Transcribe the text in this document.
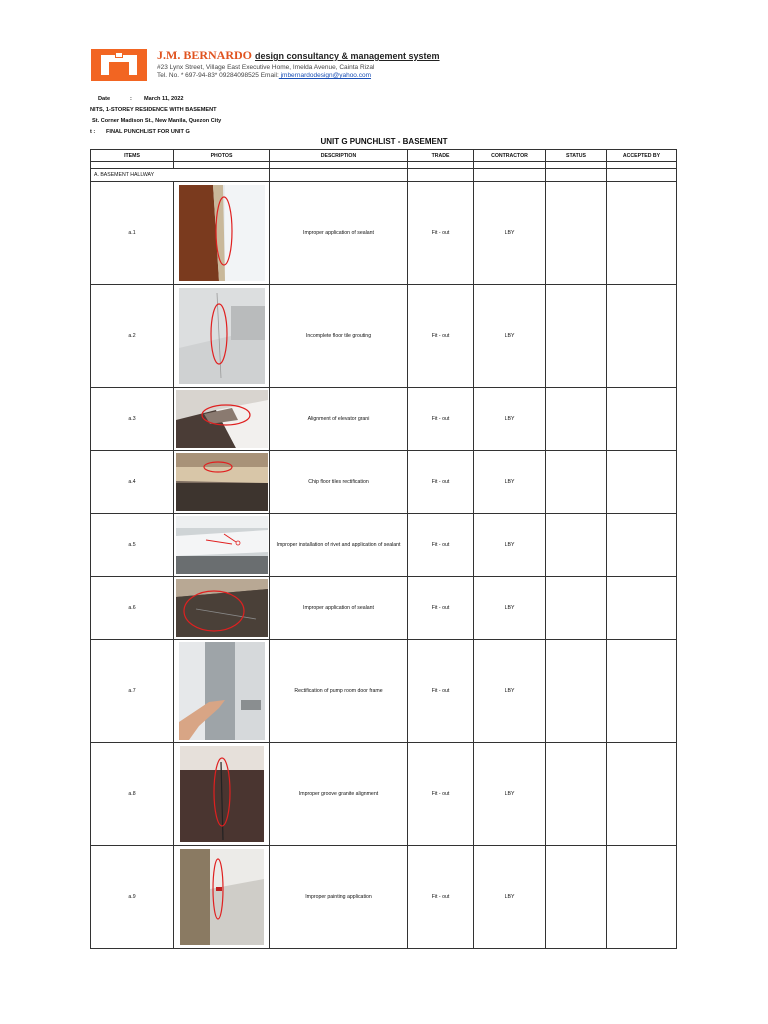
J.M. BERNARDO design consultancy & management system
#23 Lynx Street, Village East Executive Home, Imelda Avenue, Cainta Rizal
Tel. No. * 697-94-83* 09284098525 Email: jmbernardodesign@yahoo.com
Date	: March 11, 2022
NITS, 1-STOREY RESIDENCE WITH BASEMENT
St. Corner Madison St., New Manila, Quezon City
t : FINAL PUNCHLIST FOR UNIT G
UNIT G PUNCHLIST - BASEMENT
ITEMS	PHOTOS	DESCRIPTION	TRADE	CONTRACTOR	STATUS	ACCEPTED BY

A. BASEMENT HALLWAY						
a.1		Improper application of sealant	Fit - out	LBY		
a.2		Incomplete floor tile grouting	Fit - out	LBY		
a.3		Alignment of elevator grani	Fit - out	LBY		
a.4		Chip floor tiles rectification	Fit - out	LBY		
a.5		Improper installation of rivet and application of sealant	Fit - out	LBY		
a.6		Improper application of sealant	Fit - out	LBY		
a.7		Rectification of pump room door frame	Fit - out	LBY		
a.8		Improper groove granite alignment	Fit - out	LBY		
a.9		Improper painting application	Fit - out	LBY		
